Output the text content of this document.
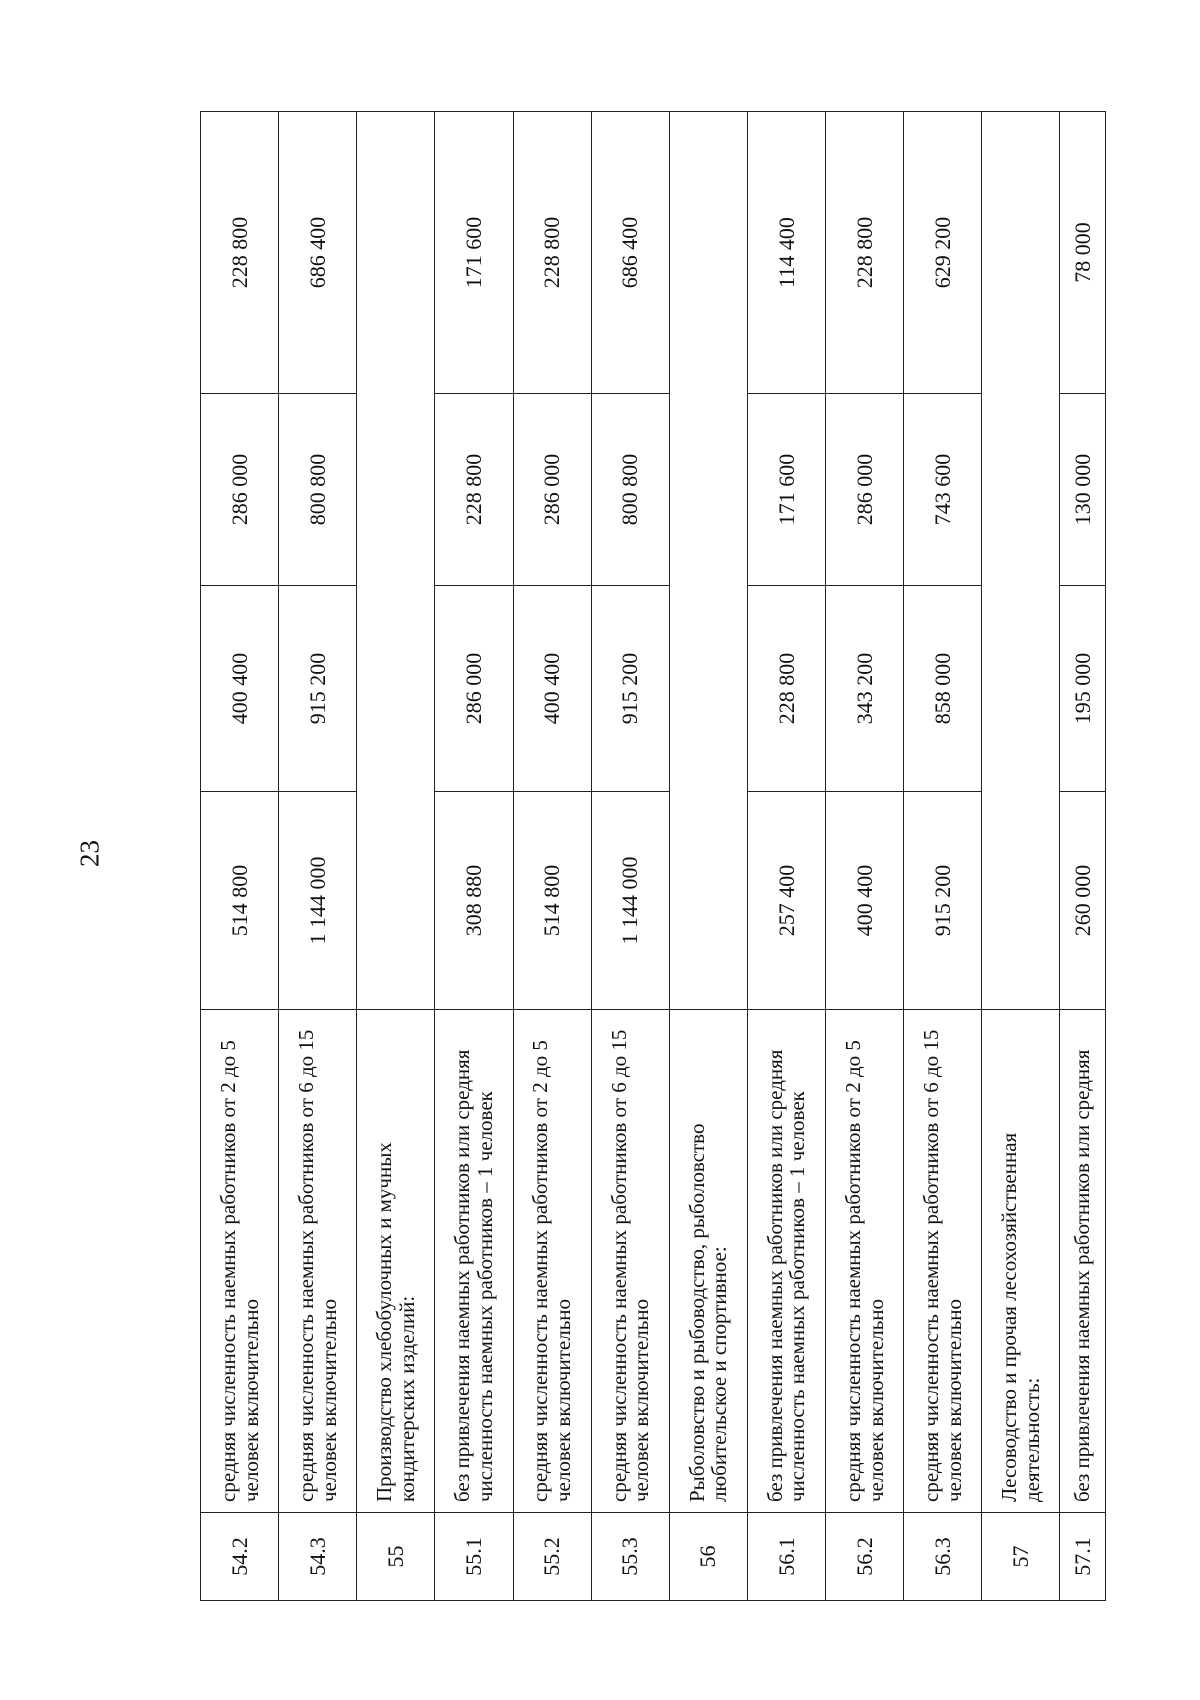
23
54.2	средняя численность наемных работников от 2 до 5 человек включительно	514 800	400 400	286 000	228 800
54.3	средняя численность наемных работников от 6 до 15 человек включительно	1 144 000	915 200	800 800	686 400
55	Производство хлебобулочных и мучных кондитерских изделий:				
55.1	без привлечения наемных работников или средняя численность наемных работников – 1 человек	308 880	286 000	228 800	171 600
55.2	средняя численность наемных работников от 2 до 5 человек включительно	514 800	400 400	286 000	228 800
55.3	средняя численность наемных работников от 6 до 15 человек включительно	1 144 000	915 200	800 800	686 400
56	Рыболовство и рыбоводство, рыболовство любительское и спортивное:				
56.1	без привлечения наемных работников или средняя численность наемных работников – 1 человек	257 400	228 800	171 600	114 400
56.2	средняя численность наемных работников от 2 до 5 человек включительно	400 400	343 200	286 000	228 800
56.3	средняя численность наемных работников от 6 до 15 человек включительно	915 200	858 000	743 600	629 200
57	Лесоводство и прочая лесохозяйственная деятельность:				
57.1	без привлечения наемных работников или средняя	260 000	195 000	130 000	78 000
